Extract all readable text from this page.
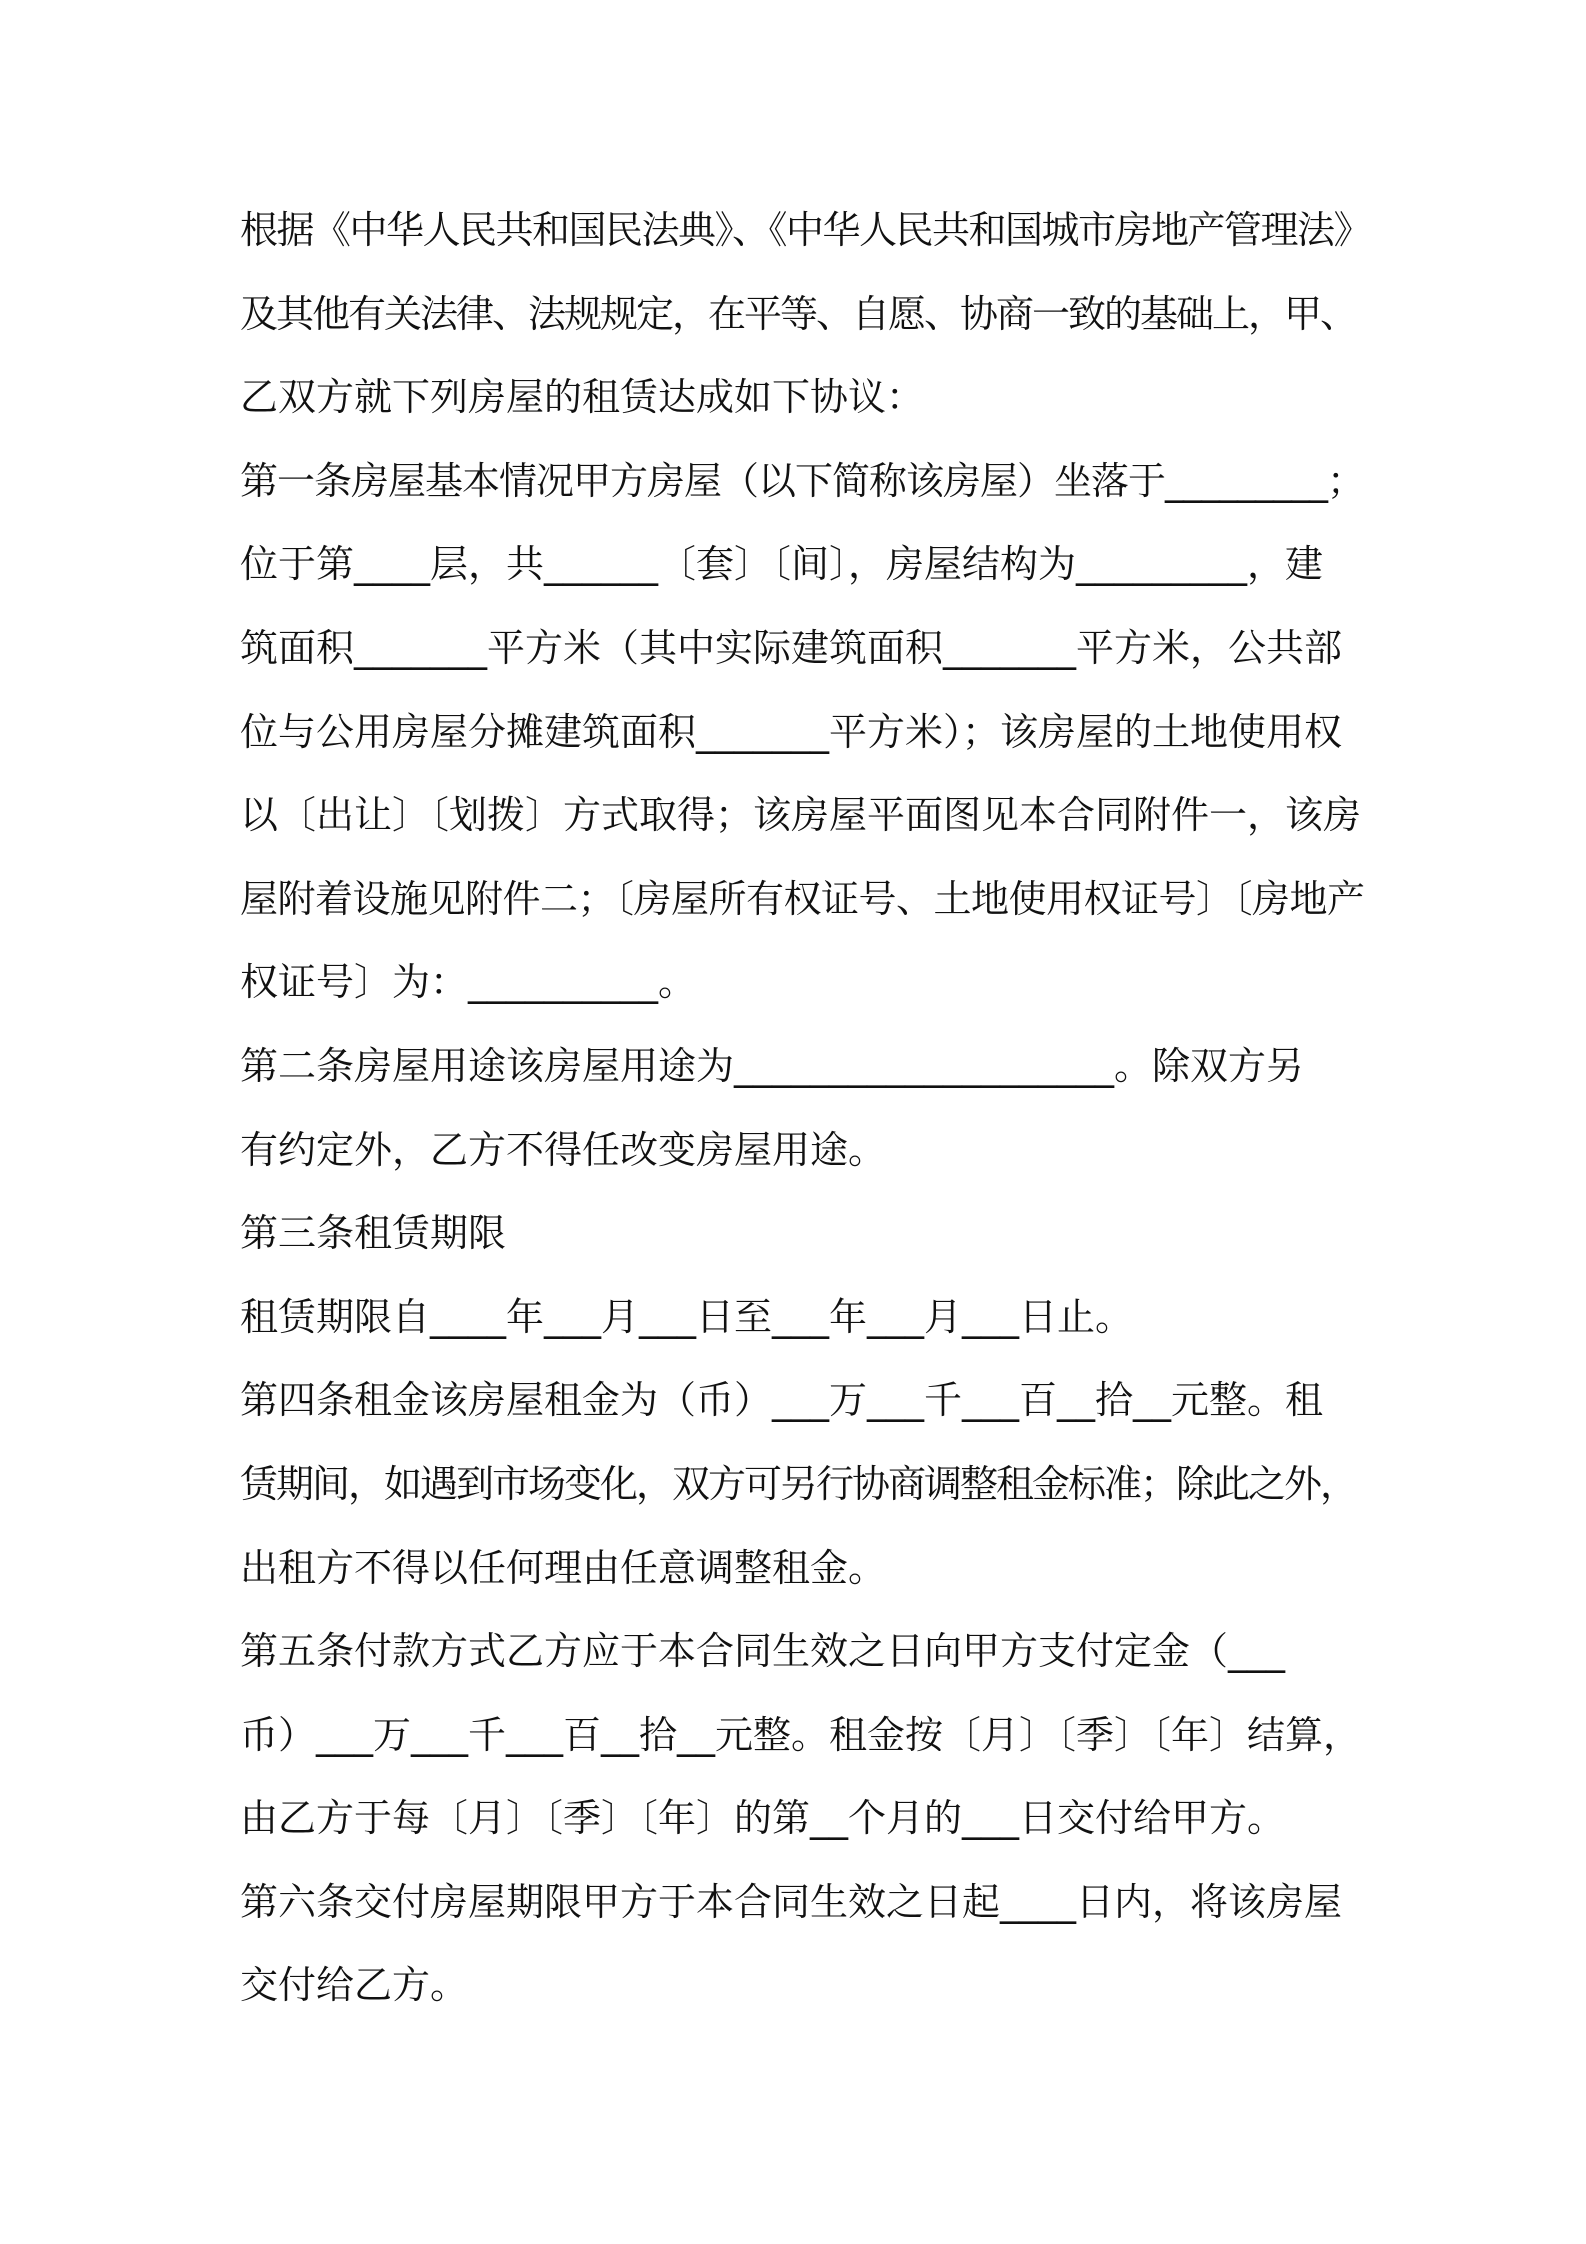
根据《中华人民共和国民法典》、《中华人民共和国城市房地产管理法》
及其他有关法律、法规规定，在平等、自愿、协商一致的基础上，甲、
乙双方就下列房屋的租赁达成如下协议：
第一条房屋基本情况甲方房屋（以下简称该房屋）坐落于_________；
位于第____层，共______〔套〕〔间〕，房屋结构为_________，建
筑面积_______平方米（其中实际建筑面积_______平方米，公共部
位与公用房屋分摊建筑面积_______平方米）；该房屋的土地使用权
以〔出让〕〔划拨〕方式取得；该房屋平面图见本合同附件一，该房
屋附着设施见附件二；〔房屋所有权证号、土地使用权证号〕〔房地产
权证号〕为：__________。
第二条房屋用途该房屋用途为____________________。除双方另
有约定外，乙方不得任改变房屋用途。
第三条租赁期限
租赁期限自____年___月___日至___年___月___日止。
第四条租金该房屋租金为（币）___万___千___百__拾__元整。租
赁期间，如遇到市场变化，双方可另行协商调整租金标准；除此之外，
出租方不得以任何理由任意调整租金。
第五条付款方式乙方应于本合同生效之日向甲方支付定金（___
币）___万___千___百__拾__元整。租金按〔月〕〔季〕〔年〕结算，
由乙方于每〔月〕〔季〕〔年〕的第__个月的___日交付给甲方。
第六条交付房屋期限甲方于本合同生效之日起____日内，将该房屋
交付给乙方。
